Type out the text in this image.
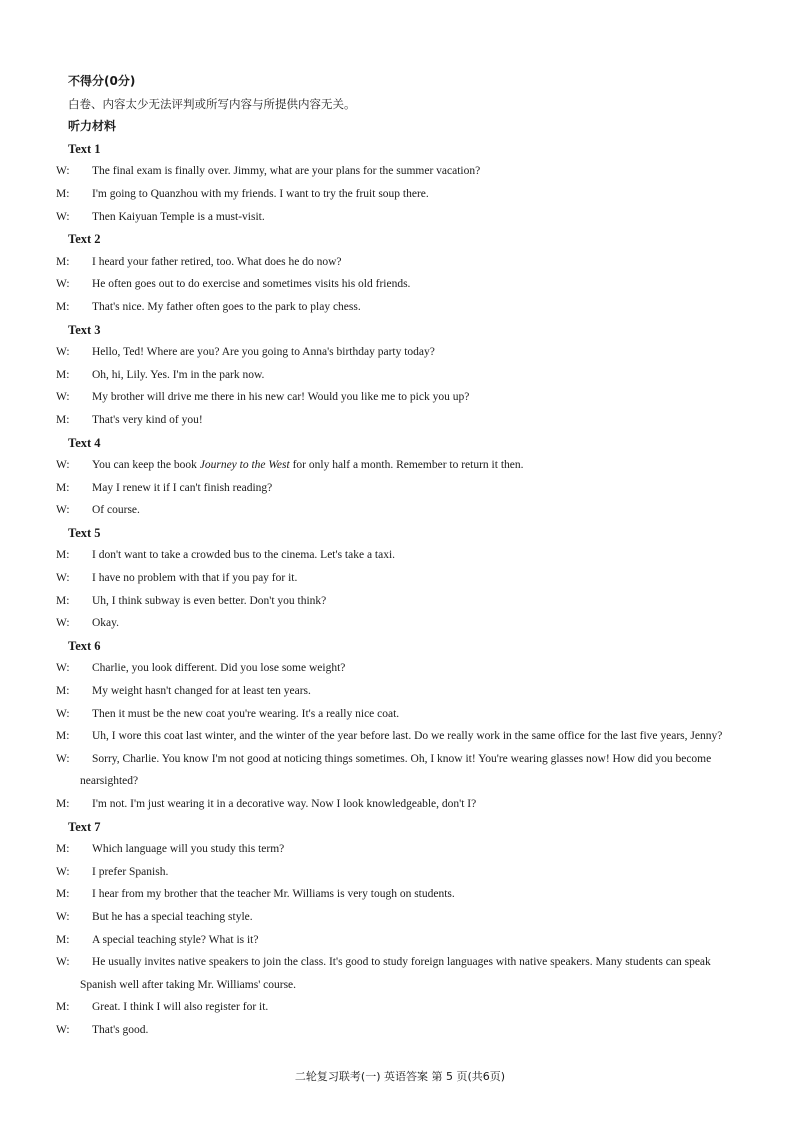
不得分(0分)

白卷、内容太少无法评判或所写内容与所提供内容无关。

听力材料

Text 1

W: The final exam is finally over. Jimmy, what are your plans for the summer vacation?

M: I'm going to Quanzhou with my friends. I want to try the fruit soup there.

W: Then Kaiyuan Temple is a must-visit.

Text 2

M: I heard your father retired, too. What does he do now?

W: He often goes out to do exercise and sometimes visits his old friends.

M: That's nice. My father often goes to the park to play chess.

Text 3

W: Hello, Ted! Where are you? Are you going to Anna's birthday party today?

M: Oh, hi, Lily. Yes. I'm in the park now.

W: My brother will drive me there in his new car! Would you like me to pick you up?

M: That's very kind of you!

Text 4

W: You can keep the book Journey to the West for only half a month. Remember to return it then.

M: May I renew it if I can't finish reading?

W: Of course.

Text 5

M: I don't want to take a crowded bus to the cinema. Let's take a taxi.

W: I have no problem with that if you pay for it.

M: Uh, I think subway is even better. Don't you think?

W: Okay.

Text 6

W: Charlie, you look different. Did you lose some weight?

M: My weight hasn't changed for at least ten years.

W: Then it must be the new coat you're wearing. It's a really nice coat.

M: Uh, I wore this coat last winter, and the winter of the year before last. Do we really work in the same office for the last five years, Jenny?

W: Sorry, Charlie. You know I'm not good at noticing things sometimes. Oh, I know it! You're wearing glasses now! How did you become nearsighted?

M: I'm not. I'm just wearing it in a decorative way. Now I look knowledgeable, don't I?

Text 7

M: Which language will you study this term?

W: I prefer Spanish.

M: I hear from my brother that the teacher Mr. Williams is very tough on students.

W: But he has a special teaching style.

M: A special teaching style? What is it?

W: He usually invites native speakers to join the class. It's good to study foreign languages with native speakers. Many students can speak Spanish well after taking Mr. Williams' course.

M: Great. I think I will also register for it.

W: That's good.

二轮复习联考(一) 英语答案 第 5 页(共6页)
